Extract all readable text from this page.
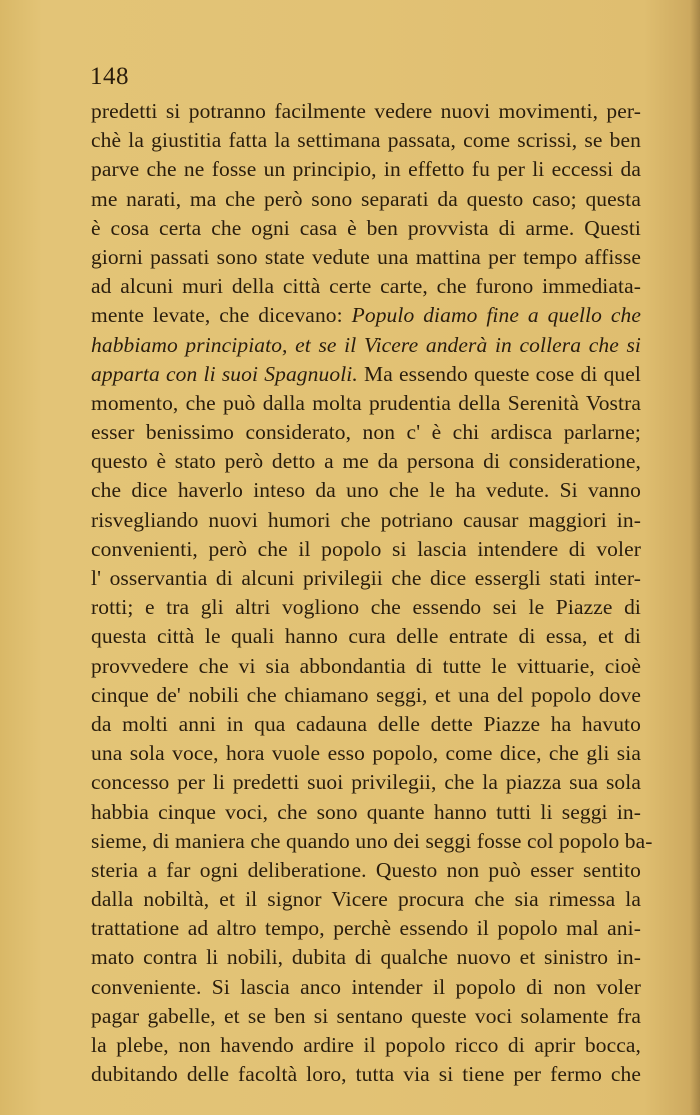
148
predetti si potranno facilmente vedere nuovi movimenti, per-
chè la giustitia fatta la settimana passata, come scrissi, se ben
parve che ne fosse un principio, in effetto fu per li eccessi da
me narati, ma che però sono separati da questo caso; questa
è cosa certa che ogni casa è ben provvista di arme. Questi
giorni passati sono state vedute una mattina per tempo affisse
ad alcuni muri della città certe carte, che furono immediata-
mente levate, che dicevano: Populo diamo fine a quello che
habbiamo principiato, et se il Vicere anderà in collera che si
apparta con li suoi Spagnuoli. Ma essendo queste cose di quel
momento, che può dalla molta prudentia della Serenità Vostra
esser benissimo considerato, non c' è chi ardisca parlarne;
questo è stato però detto a me da persona di consideratione,
che dice haverlo inteso da uno che le ha vedute. Si vanno
risvegliando nuovi humori che potriano causar maggiori in-
convenienti, però che il popolo si lascia intendere di voler
l' osservantia di alcuni privilegii che dice essergli stati inter-
rotti; e tra gli altri vogliono che essendo sei le Piazze di
questa città le quali hanno cura delle entrate di essa, et di
provvedere che vi sia abbondantia di tutte le vittuarie, cioè
cinque de' nobili che chiamano seggi, et una del popolo dove
da molti anni in qua cadauna delle dette Piazze ha havuto
una sola voce, hora vuole esso popolo, come dice, che gli sia
concesso per li predetti suoi privilegii, che la piazza sua sola
habbia cinque voci, che sono quante hanno tutti li seggi in-
sieme, di maniera che quando uno dei seggi fosse col popolo ba-
steria a far ogni deliberatione. Questo non può esser sentito
dalla nobiltà, et il signor Vicere procura che sia rimessa la
trattatione ad altro tempo, perchè essendo il popolo mal ani-
mato contra li nobili, dubita di qualche nuovo et sinistro in-
conveniente. Si lascia anco intender il popolo di non voler
pagar gabelle, et se ben si sentano queste voci solamente fra
la plebe, non havendo ardire il popolo ricco di aprir bocca,
dubitando delle facoltà loro, tutta via si tiene per fermo che
